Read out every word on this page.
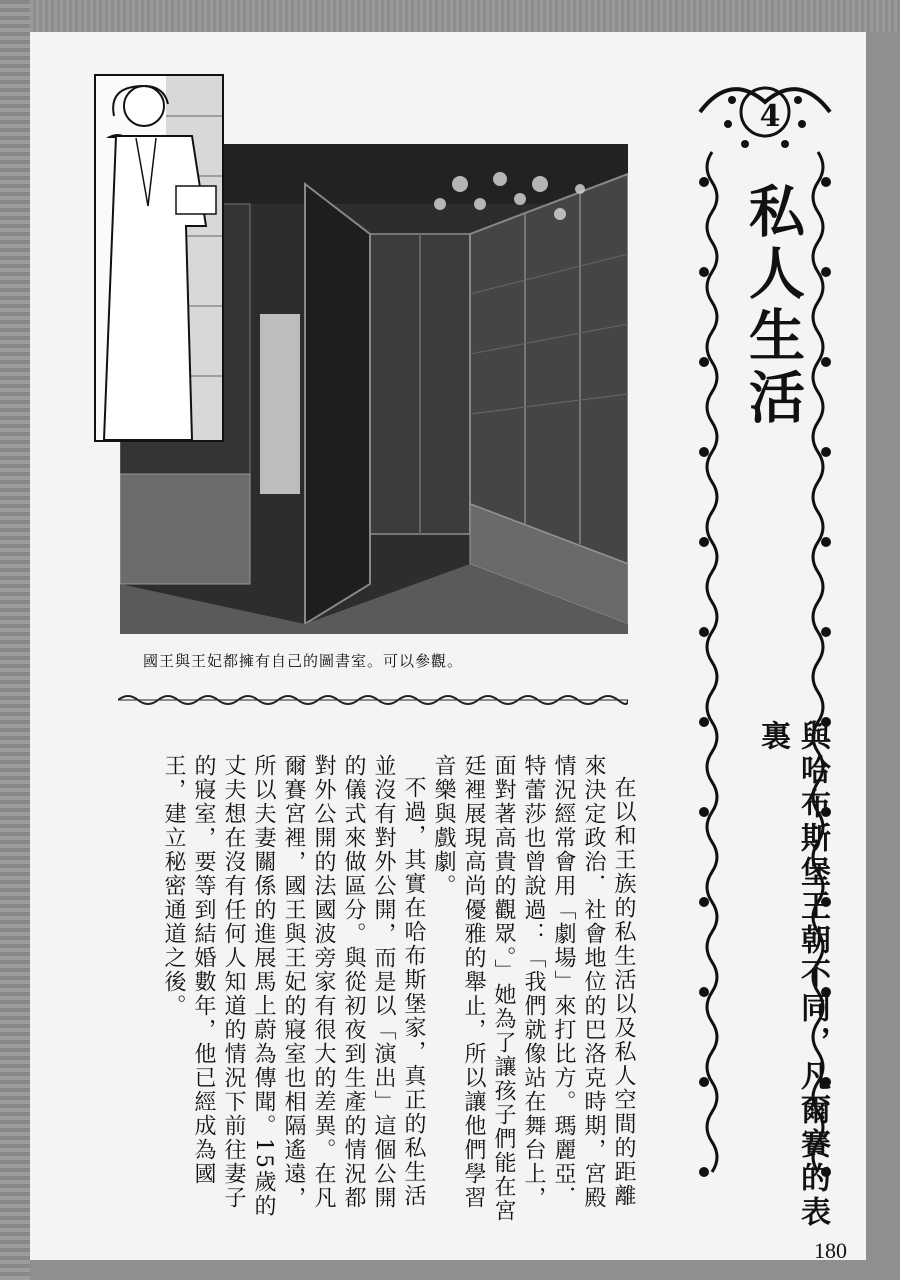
國王與王妃都擁有自己的圖書室。可以參觀。

在以和王族的私生活以及私人空間的距離來決定政治．社會地位的巴洛克時期，宮殿情況經常會用「劇場」來打比方。瑪麗亞．特蕾莎也曾說過：「我們就像站在舞台上，面對著高貴的觀眾。」她為了讓孩子們能在宮廷裡展現高尚優雅的舉止，所以讓他們學習音樂與戲劇。

不過，其實在哈布斯堡家，真正的私生活並沒有對外公開，而是以「演出」這個公開的儀式來做區分。與從初夜到生產的情況都對外公開的法國波旁家有很大的差異。在凡爾賽宮裡，國王與王妃的寢室也相隔遙遠，所以夫妻關係的進展馬上蔚為傳聞。15歲的丈夫想在沒有任何人知道的情況下前往妻子的寢室，要等到結婚數年，他已經成為國王，建立秘密通道之後。

4
私人生活
與哈布斯堡王朝不同，凡爾賽的表裏
180
